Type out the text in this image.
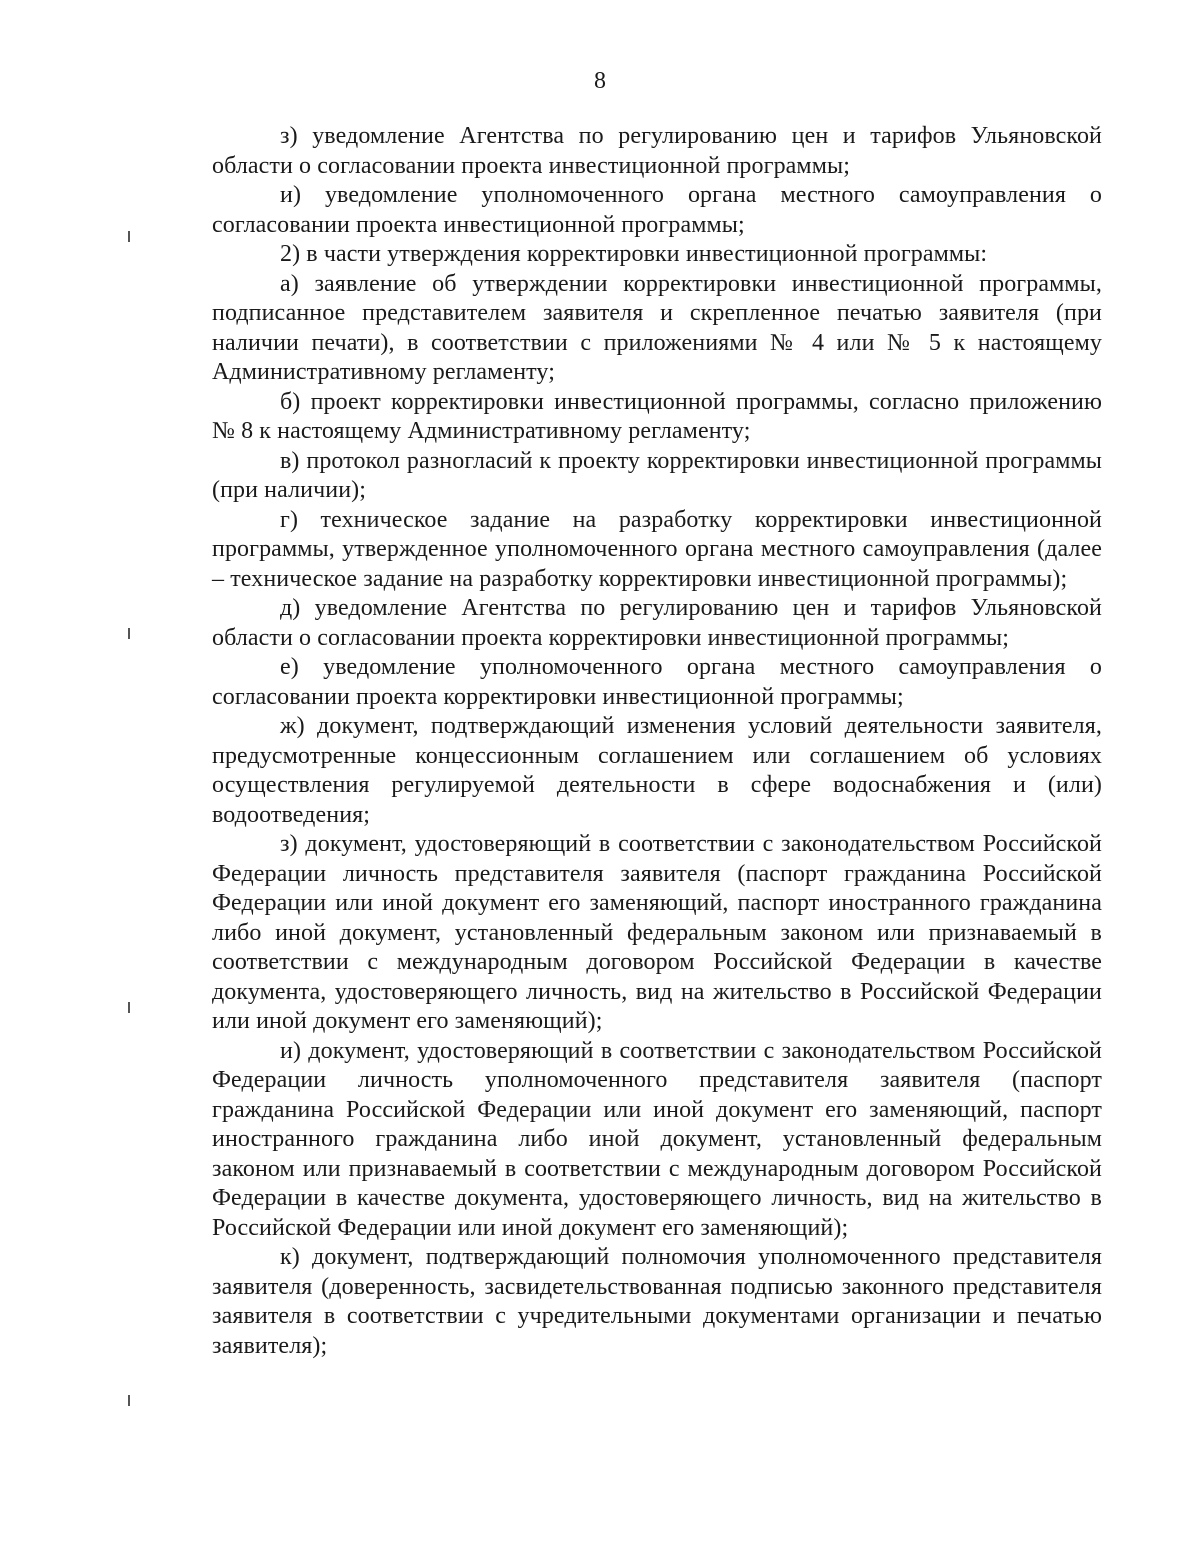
8

з) уведомление Агентства по регулированию цен и тарифов Ульяновской области о согласовании проекта инвестиционной программы;

и) уведомление уполномоченного органа местного самоуправления о согласовании проекта инвестиционной программы;

2) в части утверждения корректировки инвестиционной программы:

а) заявление об утверждении корректировки инвестиционной программы, подписанное представителем заявителя и скрепленное печатью заявителя (при наличии печати), в соответствии с приложениями № 4 или № 5 к настоящему Административному регламенту;

б) проект корректировки инвестиционной программы, согласно приложению № 8 к настоящему Административному регламенту;

в) протокол разногласий к проекту корректировки инвестиционной программы (при наличии);

г) техническое задание на разработку корректировки инвестиционной программы, утвержденное уполномоченного органа местного самоуправления (далее – техническое задание на разработку корректировки инвестиционной программы);

д) уведомление Агентства по регулированию цен и тарифов Ульяновской области о согласовании проекта корректировки инвестиционной программы;

е) уведомление уполномоченного органа местного самоуправления о согласовании проекта корректировки инвестиционной программы;

ж) документ, подтверждающий изменения условий деятельности заявителя, предусмотренные концессионным соглашением или соглашением об условиях осуществления регулируемой деятельности в сфере водоснабжения и (или) водоотведения;

з) документ, удостоверяющий в соответствии с законодательством Российской Федерации личность представителя заявителя (паспорт гражданина Российской Федерации или иной документ его заменяющий, паспорт иностранного гражданина либо иной документ, установленный федеральным законом или признаваемый в соответствии с международным договором Российской Федерации в качестве документа, удостоверяющего личность, вид на жительство в Российской Федерации или иной документ его заменяющий);

и) документ, удостоверяющий в соответствии с законодательством Российской Федерации личность уполномоченного представителя заявителя (паспорт гражданина Российской Федерации или иной документ его заменяющий, паспорт иностранного гражданина либо иной документ, установленный федеральным законом или признаваемый в соответствии с международным договором Российской Федерации в качестве документа, удостоверяющего личность, вид на жительство в Российской Федерации или иной документ его заменяющий);

к) документ, подтверждающий полномочия уполномоченного представителя заявителя (доверенность, засвидетельствованная подписью законного представителя заявителя в соответствии с учредительными документами организации и печатью заявителя);
